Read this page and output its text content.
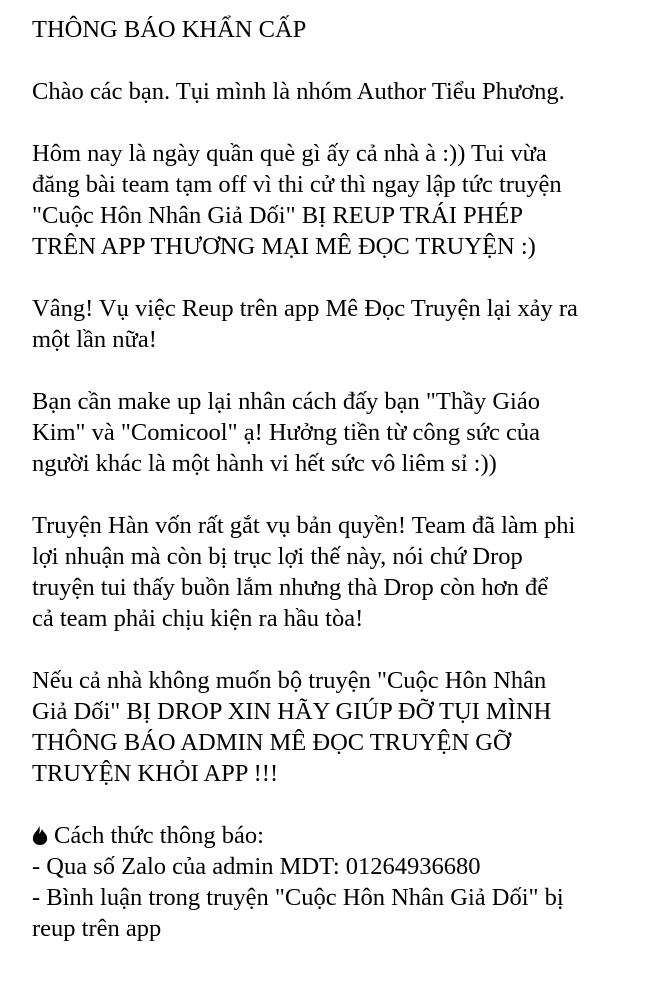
THÔNG BÁO KHẨN CẤP
Chào các bạn. Tụi mình là nhóm Author Tiểu Phương.
Hôm nay là ngày quần què gì ấy cả nhà à :)) Tui vừa
đăng bài team tạm off vì thi cử thì ngay lập tức truyện
"Cuộc Hôn Nhân Giả Dối" BỊ REUP TRÁI PHÉP
TRÊN APP THƯƠNG MẠI MÊ ĐỌC TRUYỆN :)
Vâng! Vụ việc Reup trên app Mê Đọc Truyện lại xảy ra
một lần nữa!
Bạn cần make up lại nhân cách đấy bạn "Thầy Giáo
Kim" và "Comicool" ạ! Hưởng tiền từ công sức của
người khác là một hành vi hết sức vô liêm sỉ :))
Truyện Hàn vốn rất gắt vụ bản quyền! Team đã làm phi
lợi nhuận mà còn bị trục lợi thế này, nói chứ Drop
truyện tui thấy buồn lắm nhưng thà Drop còn hơn để
cả team phải chịu kiện ra hầu tòa!
Nếu cả nhà không muốn bộ truyện "Cuộc Hôn Nhân
Giả Dối" BỊ DROP XIN HÃY GIÚP ĐỠ TỤI MÌNH
THÔNG BÁO ADMIN MÊ ĐỌC TRUYỆN GỠ
TRUYỆN KHỎI APP !!!
Cách thức thông báo:
- Qua số Zalo của admin MDT: 01264936680
- Bình luận trong truyện "Cuộc Hôn Nhân Giả Dối" bị
reup trên app
